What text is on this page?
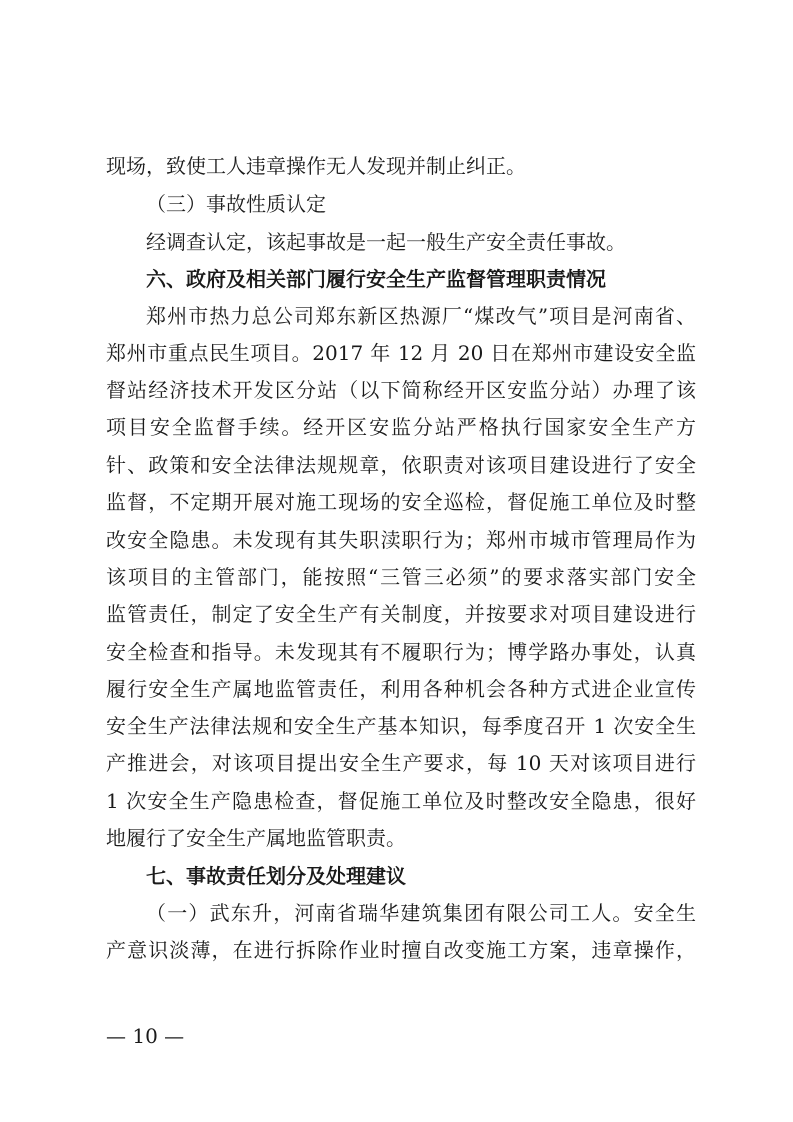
现场，致使工人违章操作无人发现并制止纠正。
（三）事故性质认定
经调查认定，该起事故是一起一般生产安全责任事故。
六、政府及相关部门履行安全生产监督管理职责情况
郑州市热力总公司郑东新区热源厂“煤改气”项目是河南省、
郑州市重点民生项目。2017 年 12 月 20 日在郑州市建设安全监
督站经济技术开发区分站（以下简称经开区安监分站）办理了该
项目安全监督手续。经开区安监分站严格执行国家安全生产方
针、政策和安全法律法规规章，依职责对该项目建设进行了安全
监督，不定期开展对施工现场的安全巡检，督促施工单位及时整
改安全隐患。未发现有其失职渎职行为；郑州市城市管理局作为
该项目的主管部门，能按照“三管三必须”的要求落实部门安全
监管责任，制定了安全生产有关制度，并按要求对项目建设进行
安全检查和指导。未发现其有不履职行为；博学路办事处，认真
履行安全生产属地监管责任，利用各种机会各种方式进企业宣传
安全生产法律法规和安全生产基本知识，每季度召开 1 次安全生
产推进会，对该项目提出安全生产要求，每 10 天对该项目进行
1 次安全生产隐患检查，督促施工单位及时整改安全隐患，很好
地履行了安全生产属地监管职责。
七、事故责任划分及处理建议
（一）武东升，河南省瑞华建筑集团有限公司工人。安全生
产意识淡薄，在进行拆除作业时擅自改变施工方案，违章操作，
— 10 —
